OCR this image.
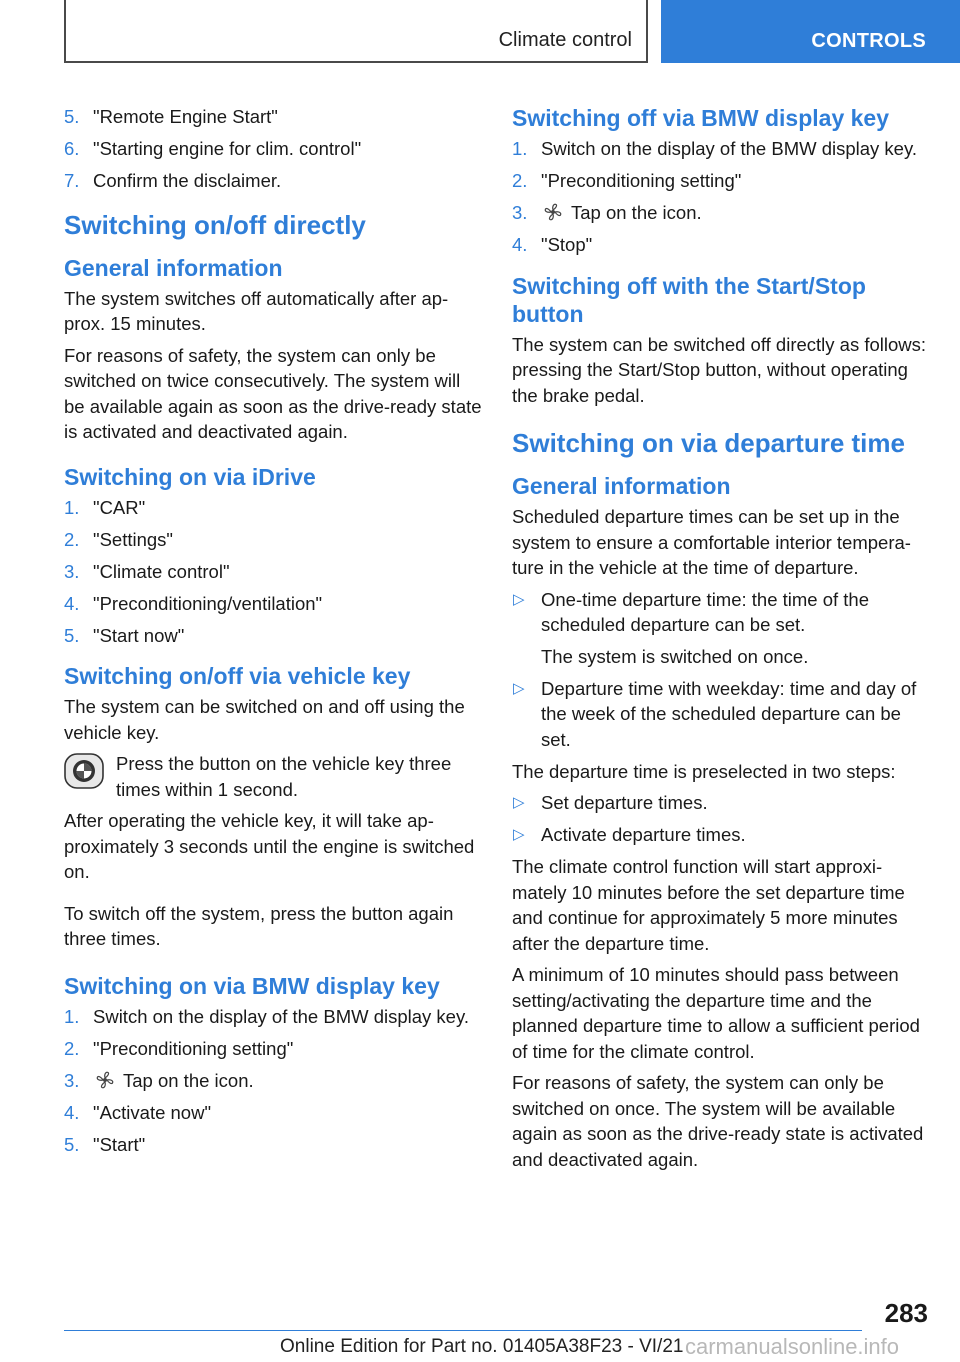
Climate control	CONTROLS
5. "Remote Engine Start"
6. "Starting engine for clim. control"
7. Confirm the disclaimer.
Switching on/off directly
General information

The system switches off automatically after approx. 15 minutes.

For reasons of safety, the system can only be switched on twice consecutively. The system will be available again as soon as the drive-ready state is activated and deactivated again.

Switching on via iDrive
1. "CAR"
2. "Settings"
3. "Climate control"
4. "Preconditioning/ventilation"
5. "Start now"
Switching on/off via vehicle key

The system can be switched on and off using the vehicle key.

Press the button on the vehicle key three times within 1 second.

After operating the vehicle key, it will take approximately 3 seconds until the engine is switched on.

To switch off the system, press the button again three times.

Switching on via BMW display key
1. Switch on the display of the BMW display key.
2. "Preconditioning setting"
3. Tap on the icon.
4. "Activate now"
5. "Start"
Switching off via BMW display key
1. Switch on the display of the BMW display key.
2. "Preconditioning setting"
3. Tap on the icon.
4. "Stop"
Switching off with the Start/Stop button

The system can be switched off directly as follows: pressing the Start/Stop button, without operating the brake pedal.

Switching on via departure time
General information

Scheduled departure times can be set up in the system to ensure a comfortable interior temperature in the vehicle at the time of departure.

▷ One-time departure time: the time of the scheduled departure can be set.
The system is switched on once.
▷ Departure time with weekday: time and day of the week of the scheduled departure can be set.

The departure time is preselected in two steps:

▷ Set departure times.
▷ Activate departure times.

The climate control function will start approximately 10 minutes before the set departure time and continue for approximately 5 more minutes after the departure time.

A minimum of 10 minutes should pass between setting/activating the departure time and the planned departure time to allow a sufficient period of time for the climate control.

For reasons of safety, the system can only be switched on once. The system will be available again as soon as the drive-ready state is activated and deactivated again.

283
Online Edition for Part no. 01405A38F23 - VI/21 carmanualsonline.info
